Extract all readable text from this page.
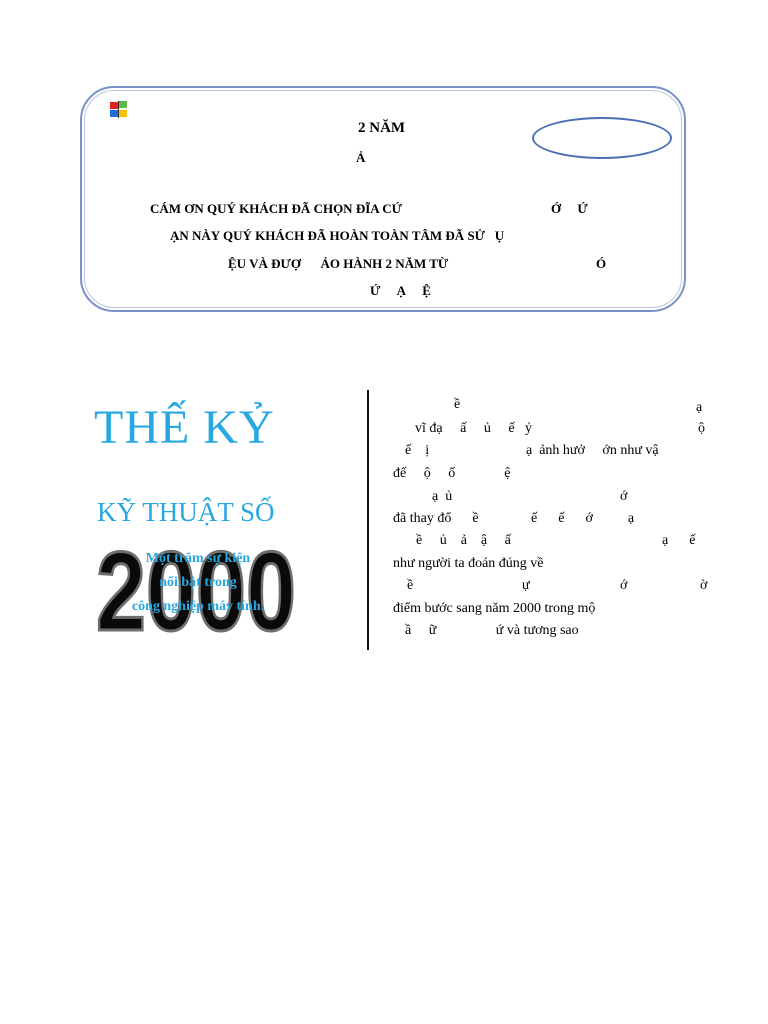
2 NĂM
Ả
CÁM ƠN QUÝ KHÁCH ĐÃ CHỌN ĐĨA CỨ	Ớ     Ứ
ẠN NÀY QUÝ KHÁCH ĐÃ HOÀN TOÀN TÂM ĐÃ SỬ   Ụ
ỆU VÀ ĐƯỢ      ẢO HÀNH 2 NĂM TỪ	Ó
Ứ     Ạ     Ệ
2000
THẾ KỶ
KỸ THUẬT SỐ
Một trăm sự kiện
nổi bật trong
công nghiệp máy tính.
ề	ạ
vĩ đạ     ấ     ủ     ế   ỷ	ộ
ế    ị	ạ  ảnh hưở     ớn như vậ
đế     ộ     ố              ệ
ạ  ủ	ớ
đã thay đổ      ề               ế      ế      ớ          ạ
ề     ủ    ả    ậ     ấ	ạ      ế
như người ta đoán đúng về
ề	ự	ớ	ờ
điểm bước sang năm 2000 trong mộ
ầ     ữ                 ứ và tương sao
